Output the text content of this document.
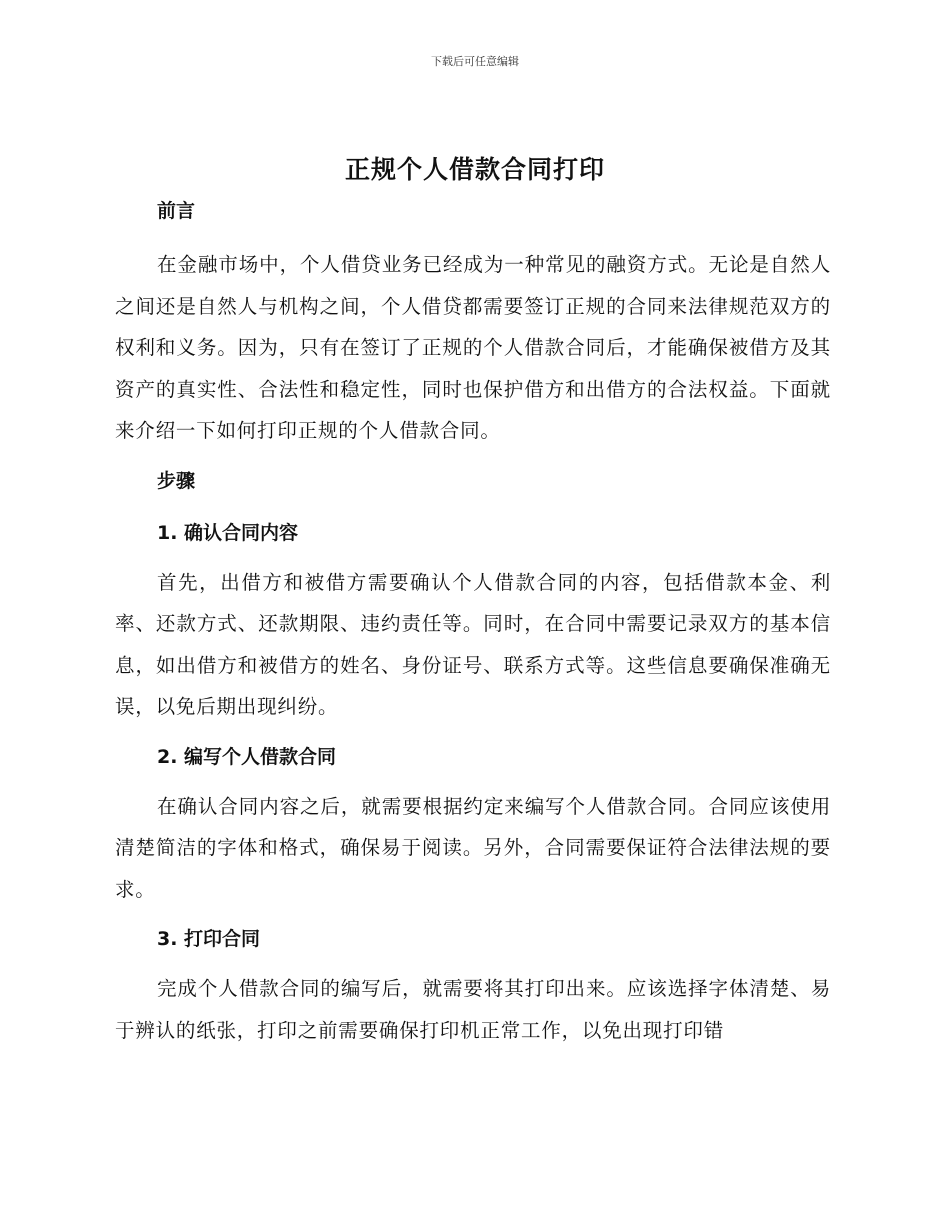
下载后可任意编辑
正规个人借款合同打印
前言

在金融市场中，个人借贷业务已经成为一种常见的融资方式。无论是自然人之间还是自然人与机构之间，个人借贷都需要签订正规的合同来法律规范双方的权利和义务。因为，只有在签订了正规的个人借款合同后，才能确保被借方及其资产的真实性、合法性和稳定性，同时也保护借方和出借方的合法权益。下面就来介绍一下如何打印正规的个人借款合同。

步骤
1. 确认合同内容

首先，出借方和被借方需要确认个人借款合同的内容，包括借款本金、利率、还款方式、还款期限、违约责任等。同时，在合同中需要记录双方的基本信息，如出借方和被借方的姓名、身份证号、联系方式等。这些信息要确保准确无误，以免后期出现纠纷。

2. 编写个人借款合同

在确认合同内容之后，就需要根据约定来编写个人借款合同。合同应该使用清楚简洁的字体和格式，确保易于阅读。另外，合同需要保证符合法律法规的要求。

3. 打印合同

完成个人借款合同的编写后，就需要将其打印出来。应该选择字体清楚、易于辨认的纸张，打印之前需要确保打印机正常工作，以免出现打印错
